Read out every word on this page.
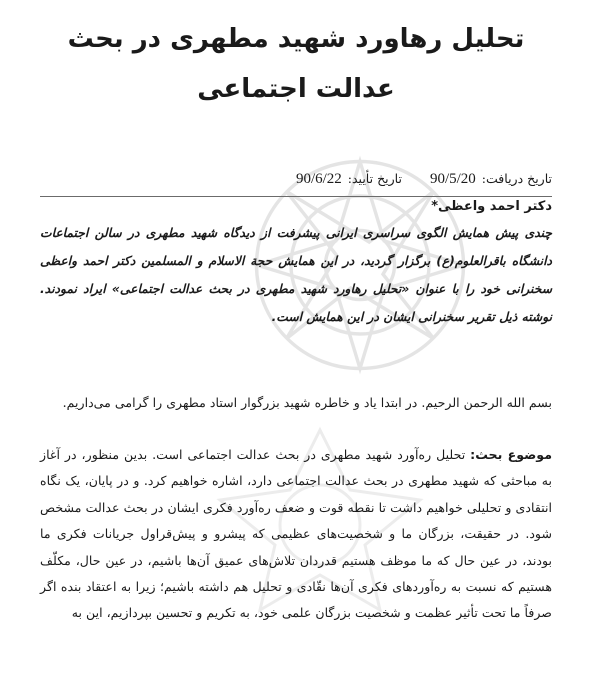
تحلیل رهاورد شهید مطهری در بحث
عدالت اجتماعی
تاریخ دریافت:90/5/20
تاریخ تأیید:90/6/22
دکتر احمد واعظی*

چندی پیش همایش الگوی سراسری ایرانی پیشرفت از دیدگاه شهید مطهری در سالن اجتماعات دانشگاه باقرالعلوم(ع) برگزار گردید، در این همایش حجة الاسلام و المسلمین دکتر احمد واعظی سخنرانی خود را با عنوان «تحلیل رهاورد شهید مطهری در بحث عدالت اجتماعی» ایراد نمودند. نوشته ذیل تقریر سخنرانی ایشان در این همایش است.

بسم الله الرحمن الرحیم. در ابتدا یاد و خاطره شهید بزرگوار استاد مطهری را گرامی می‌داریم.

موضوع بحث: تحلیل ره‌آورد شهید مطهری در بحث عدالت اجتماعی است. بدین منظور، در آغاز به مباحثی که شهید مطهری در بحث عدالت اجتماعی دارد، اشاره خواهیم کرد. و در پایان، یک نگاه انتقادی و تحلیلی خواهیم داشت تا نقطه قوت و ضعف ره‌آورد فکری ایشان در بحث عدالت مشخص شود. در حقیقت، بزرگان ما و شخصیت‌های عظیمی که پیشرو و پیش‌قراول جریانات فکری ما بودند، در عین حال که ما موظف هستیم قدردان تلاش‌های عمیق آن‌ها باشیم، در عین حال، مکلّف هستیم که نسبت به ره‌آوردهای فکری آن‌ها نقّادی و تحلیل هم داشته باشیم؛ زیرا به اعتقاد بنده اگر صرفاً ما تحت تأثیر عظمت و شخصیت بزرگان علمی خود، به تکریم و تحسین بپردازیم، این به
